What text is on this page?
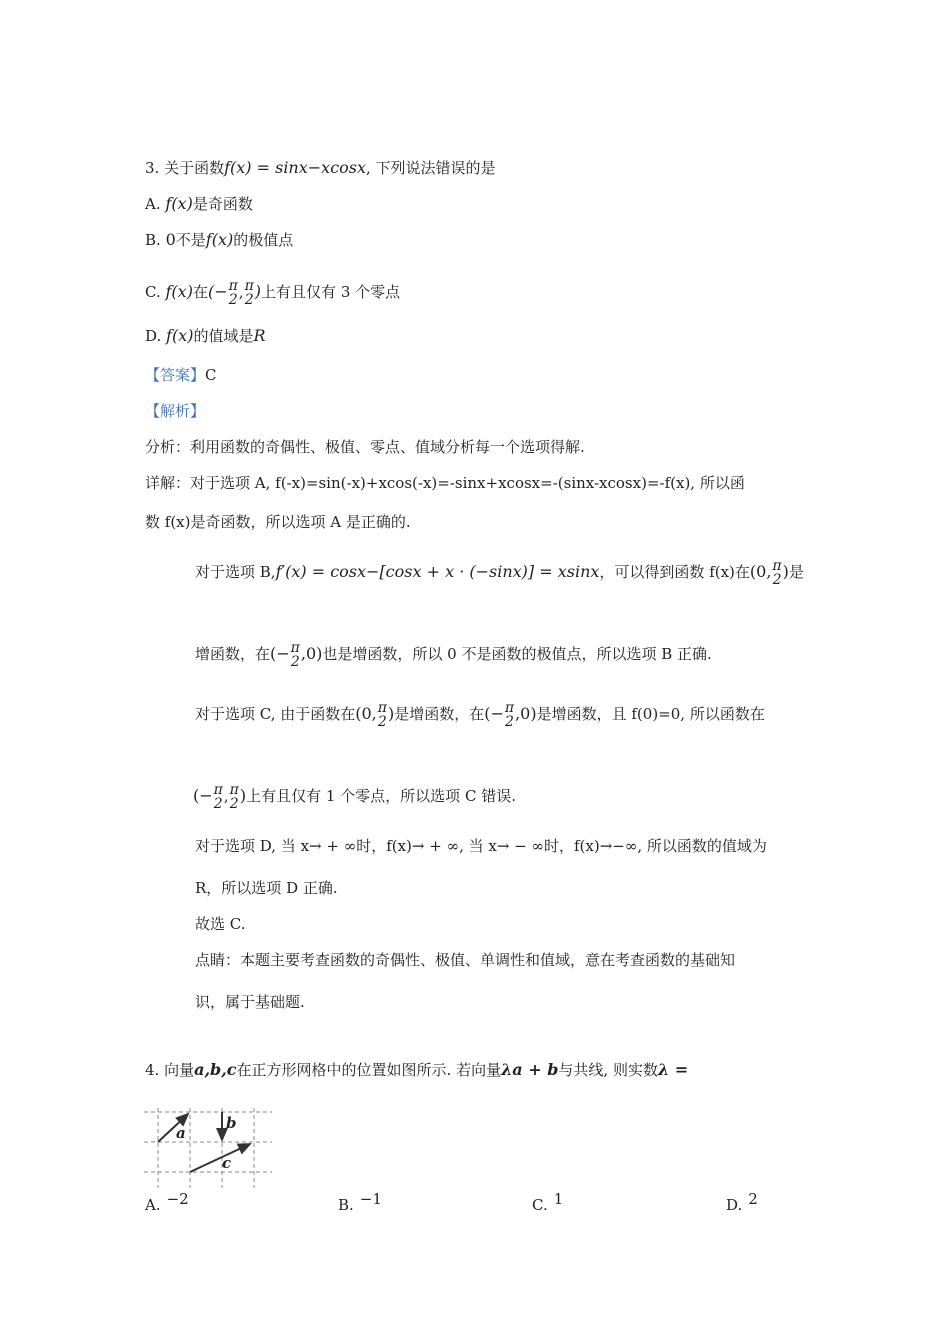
3. 关于函数f(x) = sinx−xcosx, 下列说法错误的是
A. f(x)是奇函数
B. 0不是f(x)的极值点
C. f(x)在(− π
2 , π
2 )上有且仅有 3 个零点
D. f(x)的值域是R
【答案】C
【解析】
分析：利用函数的奇偶性、极值、零点、值域分析每一个选项得解.
详解：对于选项 A, f(-x)=sin(-x)+xcos(-x)=-sinx+xcosx=-(sinx-xcosx)=-f(x), 所以函
数 f(x)是奇函数，所以选项 A 是正确的.
对于选项 B,f′(x) = cosx−[cosx + x · (−sinx)] = xsinx，可以得到函数 f(x)在(0, π
2 )是
增函数，在(− π
2 ,0)也是增函数，所以 0 不是函数的极值点，所以选项 B 正确.
对于选项 C, 由于函数在(0, π
2 )是增函数，在(− π
2 ,0)是增函数，且 f(0)=0, 所以函数在
(− π
2 , π
2 )上有且仅有 1 个零点，所以选项 C 错误.
对于选项 D, 当 x→ + ∞时，f(x)→ + ∞, 当 x→ − ∞时，f(x)→−∞, 所以函数的值域为
R，所以选项 D 正确.
故选 C.
点睛：本题主要考查函数的奇偶性、极值、单调性和值域，意在考查函数的基础知
识，属于基础题.
4. 向量a,b,c在正方形网格中的位置如图所示. 若向量λa + b与共线, 则实数λ =
a
b
c
A. −2	B. −1	C. 1	D. 2
